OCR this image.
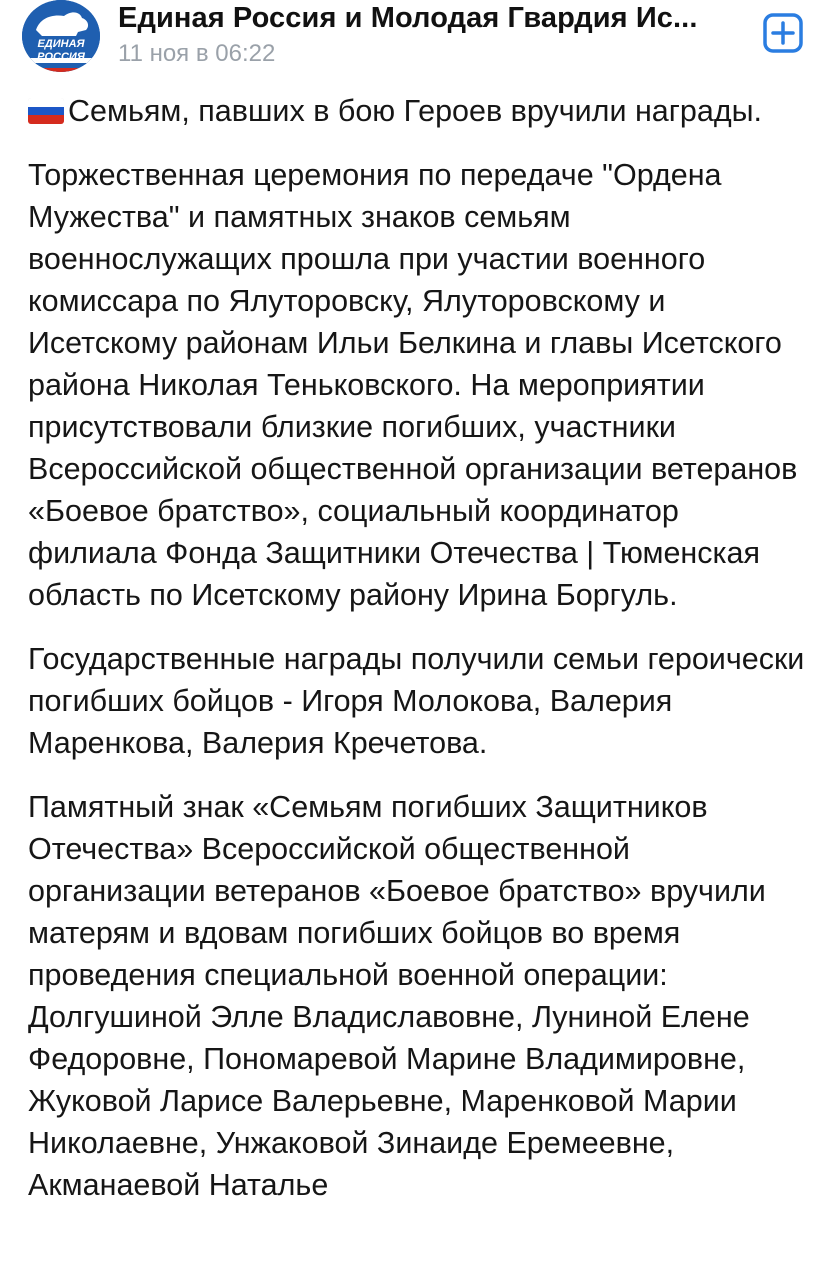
ЕДИНАЯ
РОССИЯ
Единая Россия и Молодая Гвардия Ис...
11 ноя в 06:22

Семьям, павших в бою Героев вручили награды.

Торжественная церемония по передаче "Ордена Мужества" и памятных знаков семьям военнослужащих прошла при участии военного комиссара по Ялуторовску, Ялуторовскому и Исетскому районам Ильи Белкина и главы Исетского района Николая Теньковского. На мероприятии присутствовали близкие погибших, участники Всероссийской общественной организации ветеранов «Боевое братство», социальный координатор филиала Фонда Защитники Отечества | Тюменская область по Исетскому району Ирина Боргуль.

Государственные награды получили семьи героически погибших бойцов - Игоря Молокова, Валерия Маренкова, Валерия Кречетова.

Памятный знак «Семьям погибших Защитников Отечества» Всероссийской общественной организации ветеранов «Боевое братство» вручили матерям и вдовам погибших бойцов во время проведения специальной военной операции: Долгушиной Элле Владиславовне, Луниной Елене Федоровне, Пономаревой Марине Владимировне, Жуковой Ларисе Валерьевне, Маренковой Марии Николаевне, Унжаковой Зинаиде Еремеевне, Акманаевой Наталье
